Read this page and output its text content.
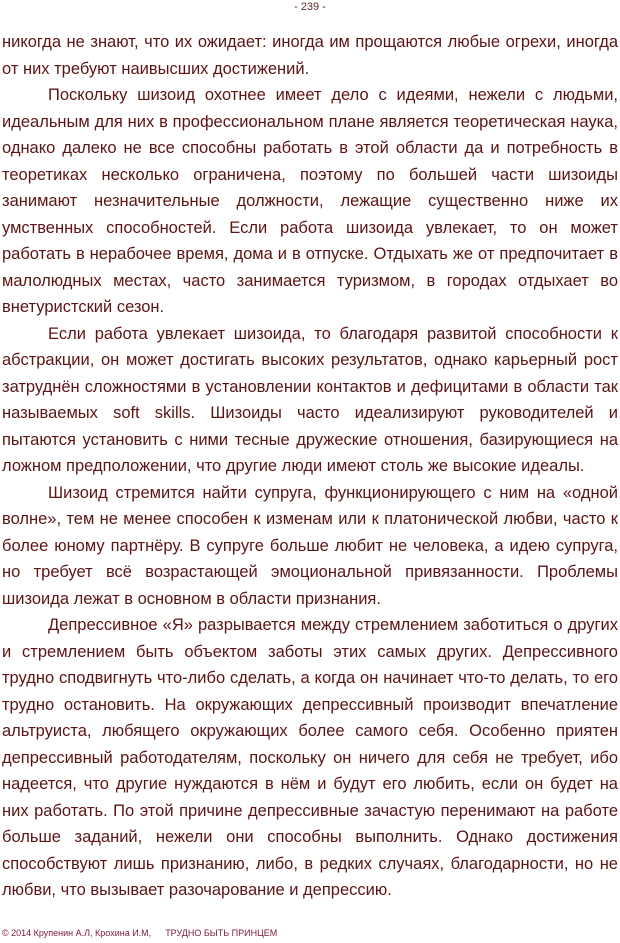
- 239 -

никогда не знают, что их ожидает: иногда им прощаются любые огрехи, иногда от них требуют наивысших достижений.

Поскольку шизоид охотнее имеет дело с идеями, нежели с людьми, идеальным для них в профессиональном плане является теоретическая наука, однако далеко не все способны работать в этой области да и потребность в теоретиках несколько ограничена, поэтому по большей части шизоиды занимают незначительные должности, лежащие существенно ниже их умственных способностей. Если работа шизоида увлекает, то он может работать в нерабочее время, дома и в отпуске. Отдыхать же от предпочитает в малолюдных местах, часто занимается туризмом, в городах отдыхает во внетуристский сезон.

Если работа увлекает шизоида, то благодаря развитой способности к абстракции, он может достигать высоких результатов, однако карьерный рост затруднён сложностями в установлении контактов и дефицитами в области так называемых soft skills. Шизоиды часто идеализируют руководителей и пытаются установить с ними тесные дружеские отношения, базирующиеся на ложном предположении, что другие люди имеют столь же высокие идеалы.

Шизоид стремится найти супруга, функционирующего с ним на «одной волне», тем не менее способен к изменам или к платонической любви, часто к более юному партнёру. В супруге больше любит не человека, а идею супруга, но требует всё возрастающей эмоциональной привязанности. Проблемы шизоида лежат в основном в области признания.

Депрессивное «Я» разрывается между стремлением заботиться о других и стремлением быть объектом заботы этих самых других. Депрессивного трудно сподвигнуть что-либо сделать, а когда он начинает что-то делать, то его трудно остановить. На окружающих депрессивный производит впечатление альтруиста, любящего окружающих более самого себя. Особенно приятен депрессивный работодателям, поскольку он ничего для себя не требует, ибо надеется, что другие нуждаются в нём и будут его любить, если он будет на них работать. По этой причине депрессивные зачастую перенимают на работе больше заданий, нежели они способны выполнить. Однако достижения способствуют лишь признанию, либо, в редких случаях, благодарности, но не любви, что вызывает разочарование и депрессию.

© 2014 Крупенин А.Л, Крохина И.М, ТРУДНО БЫТЬ ПРИНЦЕМ
